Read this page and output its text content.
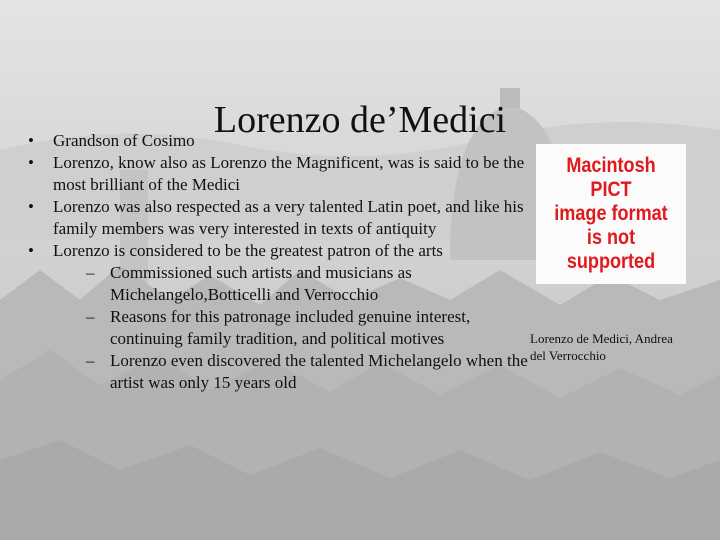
Lorenzo de’Medici
• Grandson of Cosimo
• Lorenzo, know also as Lorenzo the Magnificent, was is said to be the most brilliant of the Medici
• Lorenzo was also respected as a very talented Latin poet, and like his family members was very interested in texts of antiquity
• Lorenzo is considered to be the greatest patron of the arts
– Commissioned such artists and musicians as Michelangelo,Botticelli and Verrocchio
– Reasons for this patronage included genuine interest, continuing family tradition, and political motives
– Lorenzo even discovered the talented Michelangelo when the artist was only 15 years old
Macintosh PICT
image format
is not supported
Lorenzo de Medici, Andrea
del Verrocchio
